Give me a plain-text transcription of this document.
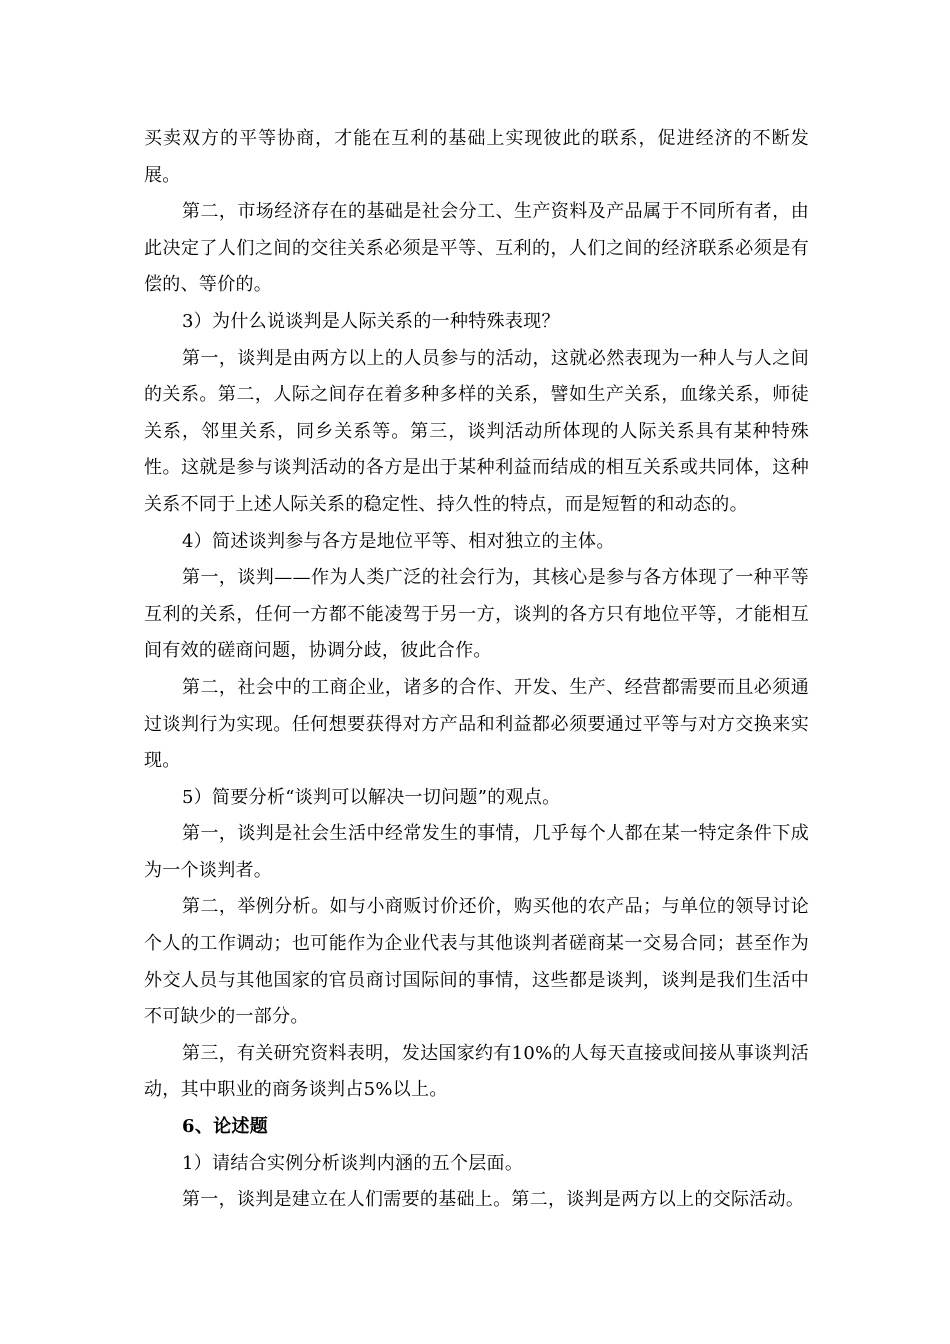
买卖双方的平等协商，才能在互利的基础上实现彼此的联系，促进经济的不断发展。

第二，市场经济存在的基础是社会分工、生产资料及产品属于不同所有者，由此决定了人们之间的交往关系必须是平等、互利的，人们之间的经济联系必须是有偿的、等价的。

3）为什么说谈判是人际关系的一种特殊表现？

第一，谈判是由两方以上的人员参与的活动，这就必然表现为一种人与人之间的关系。第二，人际之间存在着多种多样的关系，譬如生产关系，血缘关系，师徒关系，邻里关系，同乡关系等。第三，谈判活动所体现的人际关系具有某种特殊性。这就是参与谈判活动的各方是出于某种利益而结成的相互关系或共同体，这种关系不同于上述人际关系的稳定性、持久性的特点，而是短暂的和动态的。

4）简述谈判参与各方是地位平等、相对独立的主体。

第一，谈判——作为人类广泛的社会行为，其核心是参与各方体现了一种平等互利的关系，任何一方都不能凌驾于另一方，谈判的各方只有地位平等，才能相互间有效的磋商问题，协调分歧，彼此合作。

第二，社会中的工商企业，诸多的合作、开发、生产、经营都需要而且必须通过谈判行为实现。任何想要获得对方产品和利益都必须要通过平等与对方交换来实现。

5）简要分析“谈判可以解决一切问题”的观点。

第一，谈判是社会生活中经常发生的事情，几乎每个人都在某一特定条件下成为一个谈判者。

第二，举例分析。如与小商贩讨价还价，购买他的农产品；与单位的领导讨论个人的工作调动；也可能作为企业代表与其他谈判者磋商某一交易合同；甚至作为外交人员与其他国家的官员商讨国际间的事情，这些都是谈判，谈判是我们生活中不可缺少的一部分。

第三，有关研究资料表明，发达国家约有10%的人每天直接或间接从事谈判活动，其中职业的商务谈判占5%以上。

6、论述题

1）请结合实例分析谈判内涵的五个层面。

第一，谈判是建立在人们需要的基础上。第二，谈判是两方以上的交际活动。
